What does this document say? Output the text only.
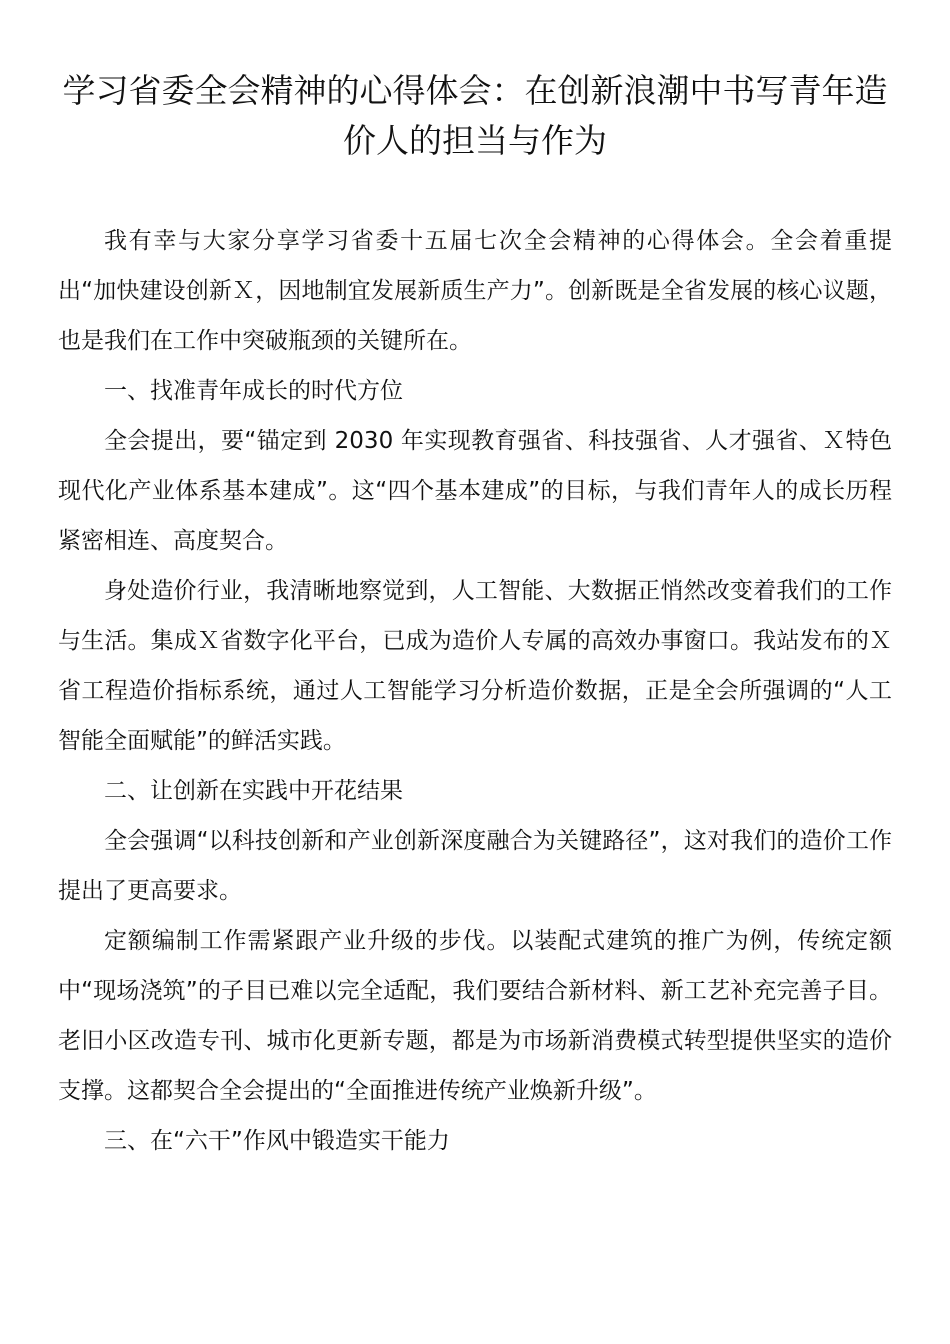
学习省委全会精神的心得体会：在创新浪潮中书写青年造价人的担当与作为

我有幸与大家分享学习省委十五届七次全会精神的心得体会。全会着重提出“加快建设创新Ｘ，因地制宜发展新质生产力”。创新既是全省发展的核心议题，也是我们在工作中突破瓶颈的关键所在。

一、找准青年成长的时代方位

全会提出，要“锚定到 2030 年实现教育强省、科技强省、人才强省、Ｘ特色现代化产业体系基本建成”。这“四个基本建成”的目标，与我们青年人的成长历程紧密相连、高度契合。

身处造价行业，我清晰地察觉到，人工智能、大数据正悄然改变着我们的工作与生活。集成Ｘ省数字化平台，已成为造价人专属的高效办事窗口。我站发布的Ｘ省工程造价指标系统，通过人工智能学习分析造价数据，正是全会所强调的“人工智能全面赋能”的鲜活实践。

二、让创新在实践中开花结果

全会强调“以科技创新和产业创新深度融合为关键路径”，这对我们的造价工作提出了更高要求。

定额编制工作需紧跟产业升级的步伐。以装配式建筑的推广为例，传统定额中“现场浇筑”的子目已难以完全适配，我们要结合新材料、新工艺补充完善子目。老旧小区改造专刊、城市化更新专题，都是为市场新消费模式转型提供坚实的造价支撑。这都契合全会提出的“全面推进传统产业焕新升级”。

三、在“六干”作风中锻造实干能力
